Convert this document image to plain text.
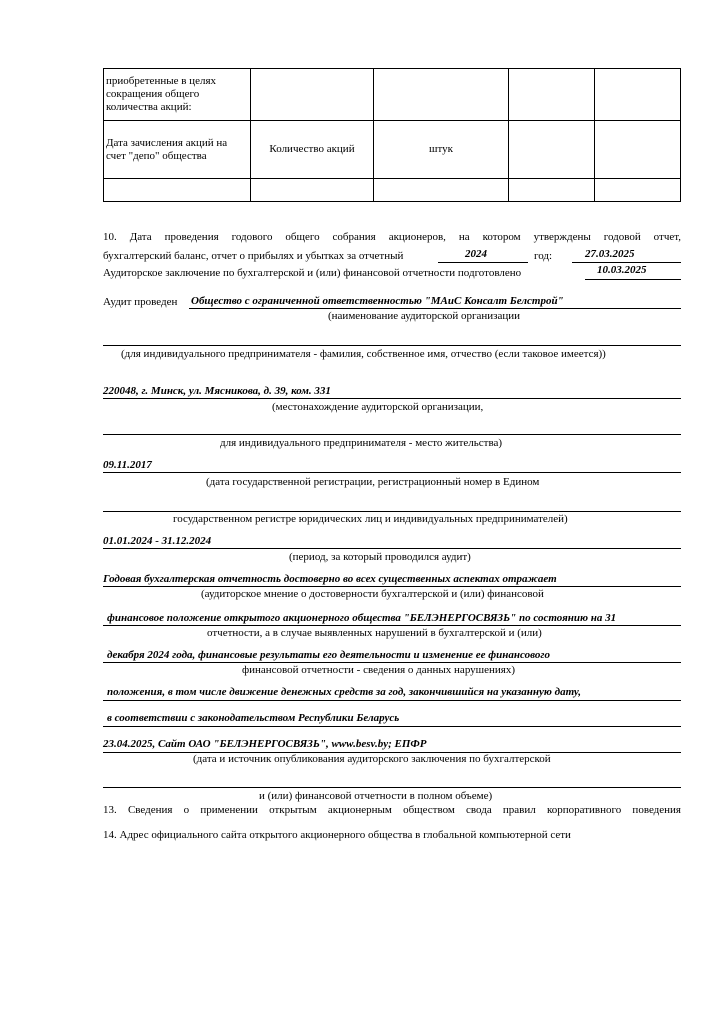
приобретенные в целях сокращения общего количества акций:				
Дата зачисления акций на счет "депо" общества	Количество акций	штук		

10. Дата проведения годового общего собрания акционеров, на котором утверждены годовой отчет,
бухгалтерский баланс, отчет о прибылях и убытках за отчетный	2024	год:	27.03.2025
Аудиторское заключение по бухгалтерской и (или) финансовой отчетности подготовлено	10.03.2025
Аудит проведен Общество с ограниченной ответственностью "МАиС Консалт Белстрой"
(наименование аудиторской организации
(для индивидуального предпринимателя - фамилия, собственное имя, отчество (если таковое имеется))
220048, г. Минск, ул. Мясникова, д. 39, ком. 331
(местонахождение аудиторской организации,
для индивидуального предпринимателя - место жительства)
09.11.2017
(дата государственной регистрации, регистрационный номер в Едином
государственном регистре юридических лиц и индивидуальных предпринимателей)
01.01.2024 - 31.12.2024
(период, за который проводился аудит)
Годовая бухгалтерская отчетность достоверно во всех существенных аспектах отражает
(аудиторское мнение о достоверности бухгалтерской и (или) финансовой
финансовое положение открытого акционерного общества "БЕЛЭНЕРГОСВЯЗЬ" по состоянию на 31
отчетности, а в случае выявленных нарушений в бухгалтерской и (или)
декабря 2024 года, финансовые результаты его деятельности и изменение ее финансового
финансовой отчетности - сведения о данных нарушениях)
положения, в том числе движение денежных средств за год, закончившийся на указанную дату,
в соответствии с законодательством Республики Беларусь
23.04.2025, Сайт ОАО "БЕЛЭНЕРГОСВЯЗЬ", www.besv.by; ЕПФР
(дата и источник опубликования аудиторского заключения по бухгалтерской
и (или) финансовой отчетности в полном объеме)
13. Сведения о применении открытым акционерным обществом свода правил корпоративного поведения
14. Адрес официального сайта открытого акционерного общества в глобальной компьютерной сети
